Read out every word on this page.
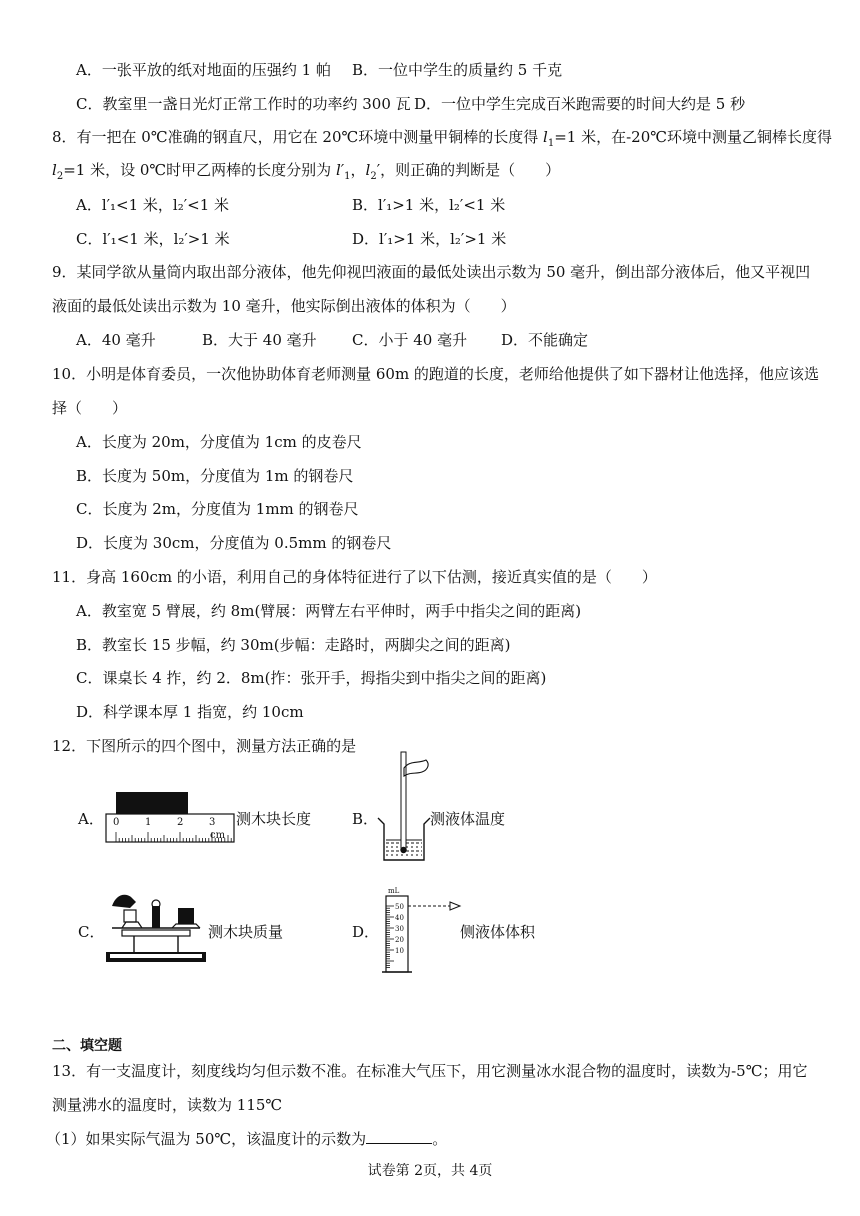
A．一张平放的纸对地面的压强约 1 帕 B．一位中学生的质量约 5 千克
C．教室里一盏日光灯正常工作时的功率约 300 瓦 D．一位中学生完成百米跑需要的时间大约是 5 秒
8．有一把在 0℃准确的钢直尺，用它在 20℃环境中测量甲铜棒的长度得 $l_1=1$ 米，在-20℃环境中测量乙铜棒长度得
$l_2=1$ 米，设 0℃时甲乙两棒的长度分别为 $l'_1$，$l_2'$，则正确的判断是（　　）
A．l′₁<1 米，l₂′<1 米	B．l′₁>1 米，l₂′<1 米
C．l′₁<1 米，l₂′>1 米	D．l′₁>1 米，l₂′>1 米
9．某同学欲从量筒内取出部分液体，他先仰视凹液面的最低处读出示数为 50 毫升，倒出部分液体后，他又平视凹
液面的最低处读出示数为 10 毫升，他实际倒出液体的体积为（　　）
A．40 毫升	B．大于 40 毫升 C．小于 40 毫升 D．不能确定
10．小明是体育委员，一次他协助体育老师测量 60m 的跑道的长度，老师给他提供了如下器材让他选择，他应该选
择（　　）
A．长度为 20m，分度值为 1cm 的皮卷尺
B．长度为 50m，分度值为 1m 的钢卷尺
C．长度为 2m，分度值为 1mm 的钢卷尺
D．长度为 30cm，分度值为 0.5mm 的钢卷尺
11．身高 160cm 的小语，利用自己的身体特征进行了以下估测，接近真实值的是（　　）
A．教室宽 5 臂展，约 8m(臂展：两臂左右平伸时，两手中指尖之间的距离)
B．教室长 15 步幅，约 30m(步幅：走路时，两脚尖之间的距离)
C．课桌长 4 拃，约 2．8m(拃：张开手，拇指尖到中指尖之间的距离)
D．科学课本厚 1 指宽，约 10cm
12．下图所示的四个图中，测量方法正确的是
A． 0	1	2	3
cm
测木块长度	B．	测液体温度
C．	测木块质量	D．
mL
50
40
30
20
10
侧液体体积
二、填空题
13．有一支温度计，刻度线均匀但示数不准。在标准大气压下，用它测量冰水混合物的温度时，读数为-5℃；用它
测量沸水的温度时，读数为 115℃
（1）如果实际气温为 50℃，该温度计的示数为	。
试卷第 2页，共 4页
